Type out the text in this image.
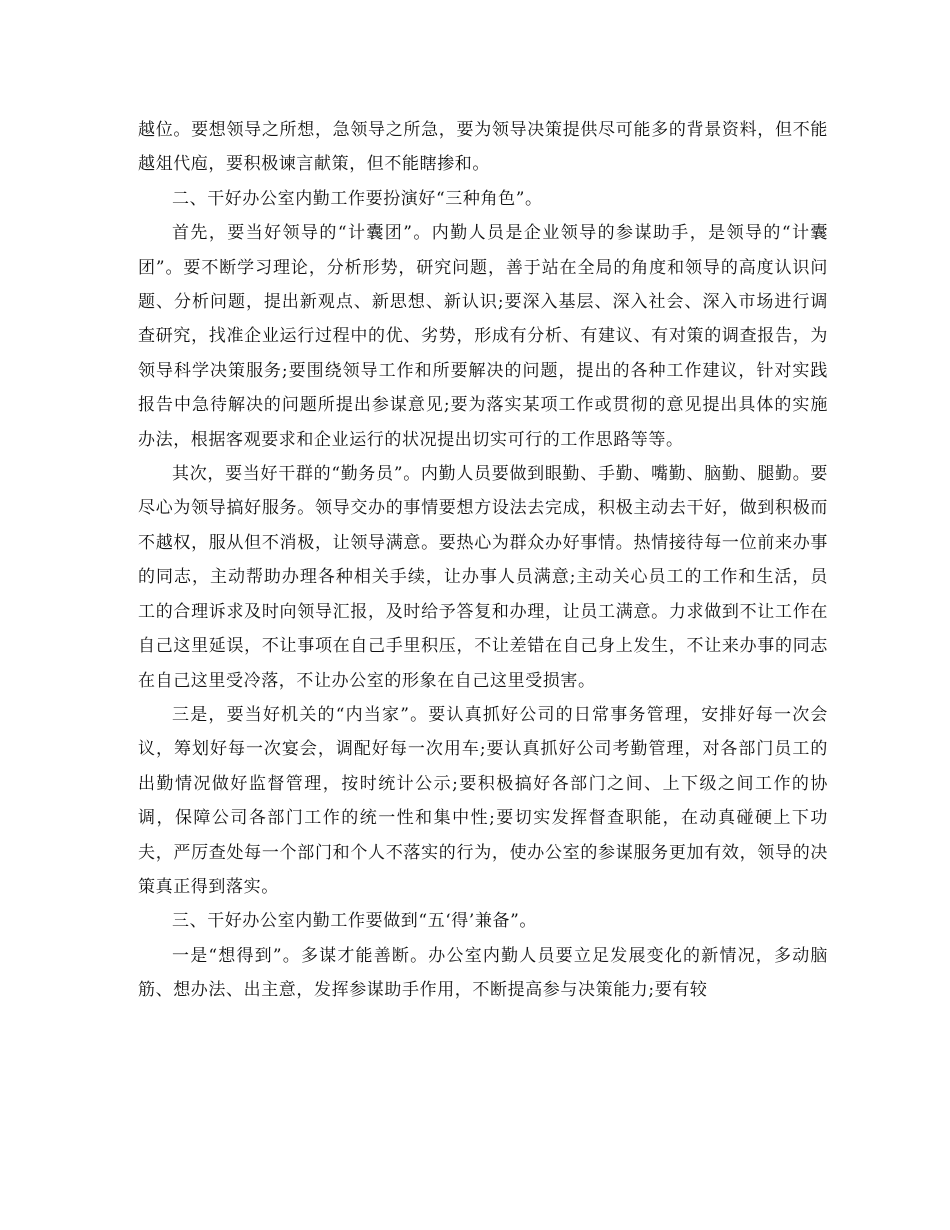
越位。要想领导之所想，急领导之所急，要为领导决策提供尽可能多的背景资料，但不能越俎代庖，要积极谏言献策，但不能瞎掺和。

二、干好办公室内勤工作要扮演好“三种角色”。

首先，要当好领导的“计囊团”。内勤人员是企业领导的参谋助手，是领导的“计囊团”。要不断学习理论，分析形势，研究问题，善于站在全局的角度和领导的高度认识问题、分析问题，提出新观点、新思想、新认识;要深入基层、深入社会、深入市场进行调查研究，找准企业运行过程中的优、劣势，形成有分析、有建议、有对策的调查报告，为领导科学决策服务;要围绕领导工作和所要解决的问题，提出的各种工作建议，针对实践报告中急待解决的问题所提出参谋意见;要为落实某项工作或贯彻的意见提出具体的实施办法，根据客观要求和企业运行的状况提出切实可行的工作思路等等。

其次，要当好干群的“勤务员”。内勤人员要做到眼勤、手勤、嘴勤、脑勤、腿勤。要尽心为领导搞好服务。领导交办的事情要想方设法去完成，积极主动去干好，做到积极而不越权，服从但不消极，让领导满意。要热心为群众办好事情。热情接待每一位前来办事的同志，主动帮助办理各种相关手续，让办事人员满意;主动关心员工的工作和生活，员工的合理诉求及时向领导汇报，及时给予答复和办理，让员工满意。力求做到不让工作在自己这里延误，不让事项在自己手里积压，不让差错在自己身上发生，不让来办事的同志在自己这里受冷落，不让办公室的形象在自己这里受损害。

三是，要当好机关的“内当家”。要认真抓好公司的日常事务管理，安排好每一次会议，筹划好每一次宴会，调配好每一次用车;要认真抓好公司考勤管理，对各部门员工的出勤情况做好监督管理，按时统计公示;要积极搞好各部门之间、上下级之间工作的协调，保障公司各部门工作的统一性和集中性;要切实发挥督查职能，在动真碰硬上下功夫，严厉查处每一个部门和个人不落实的行为，使办公室的参谋服务更加有效，领导的决策真正得到落实。

三、干好办公室内勤工作要做到“五‘得’兼备”。

一是“想得到”。多谋才能善断。办公室内勤人员要立足发展变化的新情况，多动脑筋、想办法、出主意，发挥参谋助手作用，不断提高参与决策能力;要有较
